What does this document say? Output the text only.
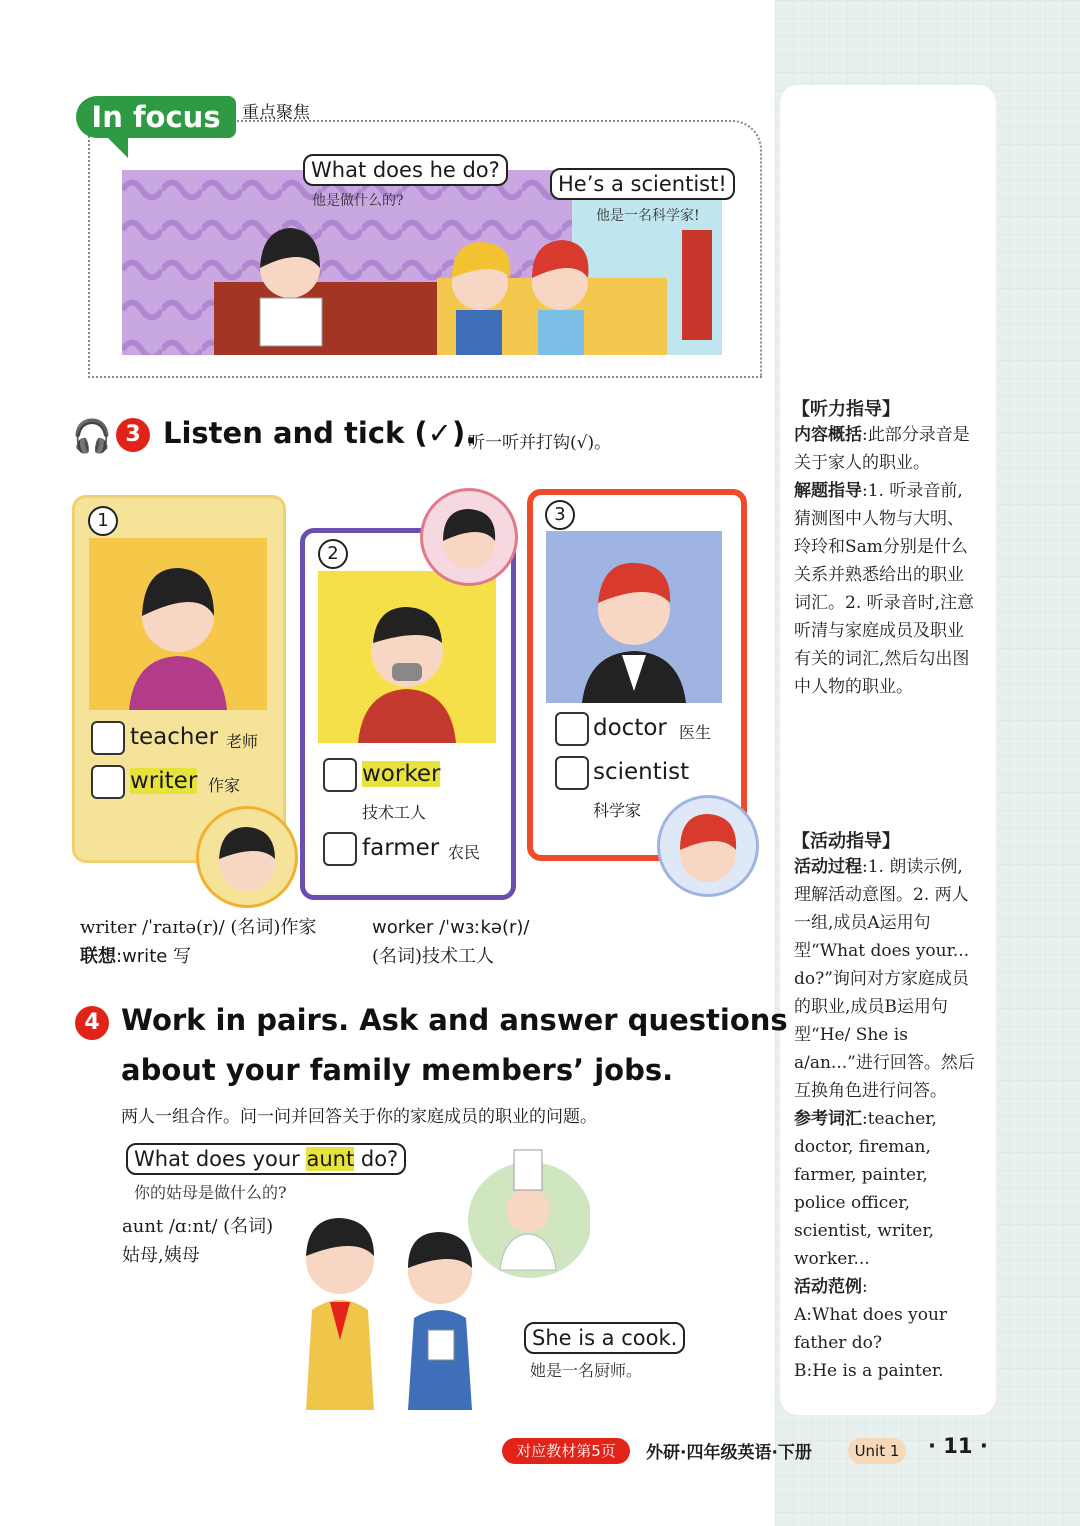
【听力指导】
内容概括:此部分录音是关于家人的职业。
解题指导:1. 听录音前,猜测图中人物与大明、玲玲和Sam分别是什么关系并熟悉给出的职业词汇。2. 听录音时,注意听清与家庭成员及职业有关的词汇,然后勾出图中人物的职业。
【活动指导】
活动过程:1. 朗读示例,理解活动意图。2. 两人一组,成员A运用句型“What does your... do?”询问对方家庭成员的职业,成员B运用句型“He/ She is a/an...”进行回答。然后互换角色进行问答。
参考词汇:teacher, doctor, fireman, farmer, painter, police officer, scientist, writer, worker...
活动范例:
A:What does your father do?
B:He is a painter.
In focus	重点聚焦
What does he do?
他是做什么的?
He’s a scientist!
他是一名科学家!
🎧 3 Listen and tick (✓).
听一听并打钩(√)。
1
teacher 老师
writer 作家
2
worker
技术工人
farmer 农民
3
doctor 医生
scientist
科学家
writer /ˈraɪtə(r)/ (名词)作家
联想:write 写
worker /ˈwɜːkə(r)/
(名词)技术工人
4 Work in pairs. Ask and answer questions
about your family members’ jobs.
两人一组合作。问一问并回答关于你的家庭成员的职业的问题。
What does your aunt do?
你的姑母是做什么的?
aunt /ɑːnt/ (名词)
姑母,姨母
She is a cook.
她是一名厨师。
对应教材第5页	外研·四年级英语·下册	Unit 1	· 11 ·
